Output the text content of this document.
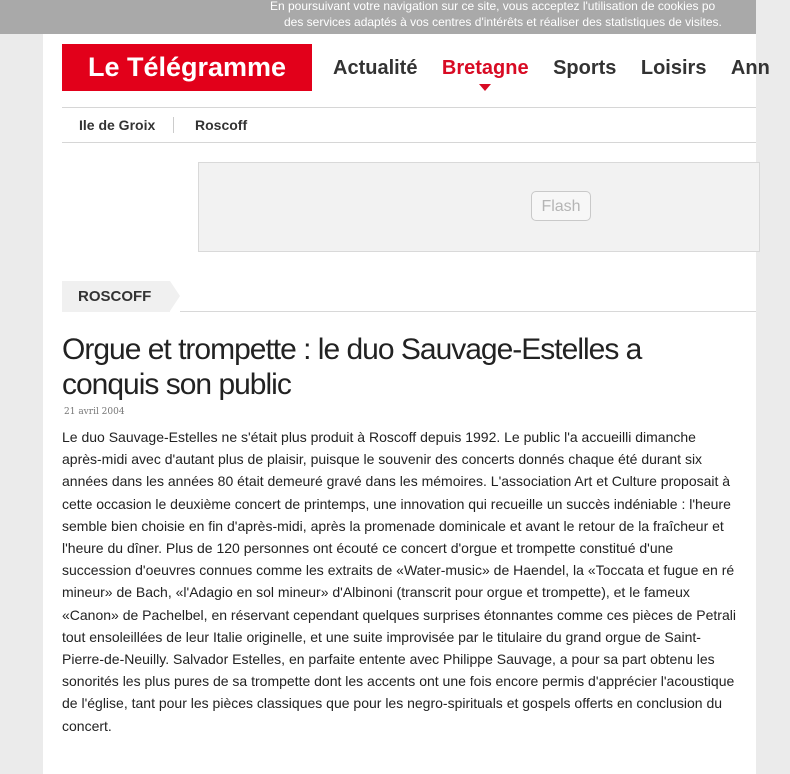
En poursuivant votre navigation sur ce site, vous acceptez l'utilisation de cookies po
des services adaptés à vos centres d'intérêts et réaliser des statistiques de visites.
Le Télégramme	Actualité Bretagne Sports Loisirs Ann
Ile de Groix	Roscoff
Flash
ROSCOFF
Orgue et trompette : le duo Sauvage-Estelles a conquis son public
21 avril 2004

Le duo Sauvage-Estelles ne s'était plus produit à Roscoff depuis 1992. Le public l'a accueilli dimanche après-midi avec d'autant plus de plaisir, puisque le souvenir des concerts donnés chaque été durant six années dans les années 80 était demeuré gravé dans les mémoires. L'association Art et Culture proposait à cette occasion le deuxième concert de printemps, une innovation qui recueille un succès indéniable : l'heure semble bien choisie en fin d'après-midi, après la promenade dominicale et avant le retour de la fraîcheur et l'heure du dîner. Plus de 120 personnes ont écouté ce concert d'orgue et trompette constitué d'une succession d'oeuvres connues comme les extraits de «Water-music» de Haendel, la «Toccata et fugue en ré mineur» de Bach, «l'Adagio en sol mineur» d'Albinoni (transcrit pour orgue et trompette), et le fameux «Canon» de Pachelbel, en réservant cependant quelques surprises étonnantes comme ces pièces de Petrali tout ensoleillées de leur Italie originelle, et une suite improvisée par le titulaire du grand orgue de Saint-Pierre-de-Neuilly. Salvador Estelles, en parfaite entente avec Philippe Sauvage, a pour sa part obtenu les sonorités les plus pures de sa trompette dont les accents ont une fois encore permis d'apprécier l'acoustique de l'église, tant pour les pièces classiques que pour les negro-spirituals et gospels offerts en conclusion du concert.
